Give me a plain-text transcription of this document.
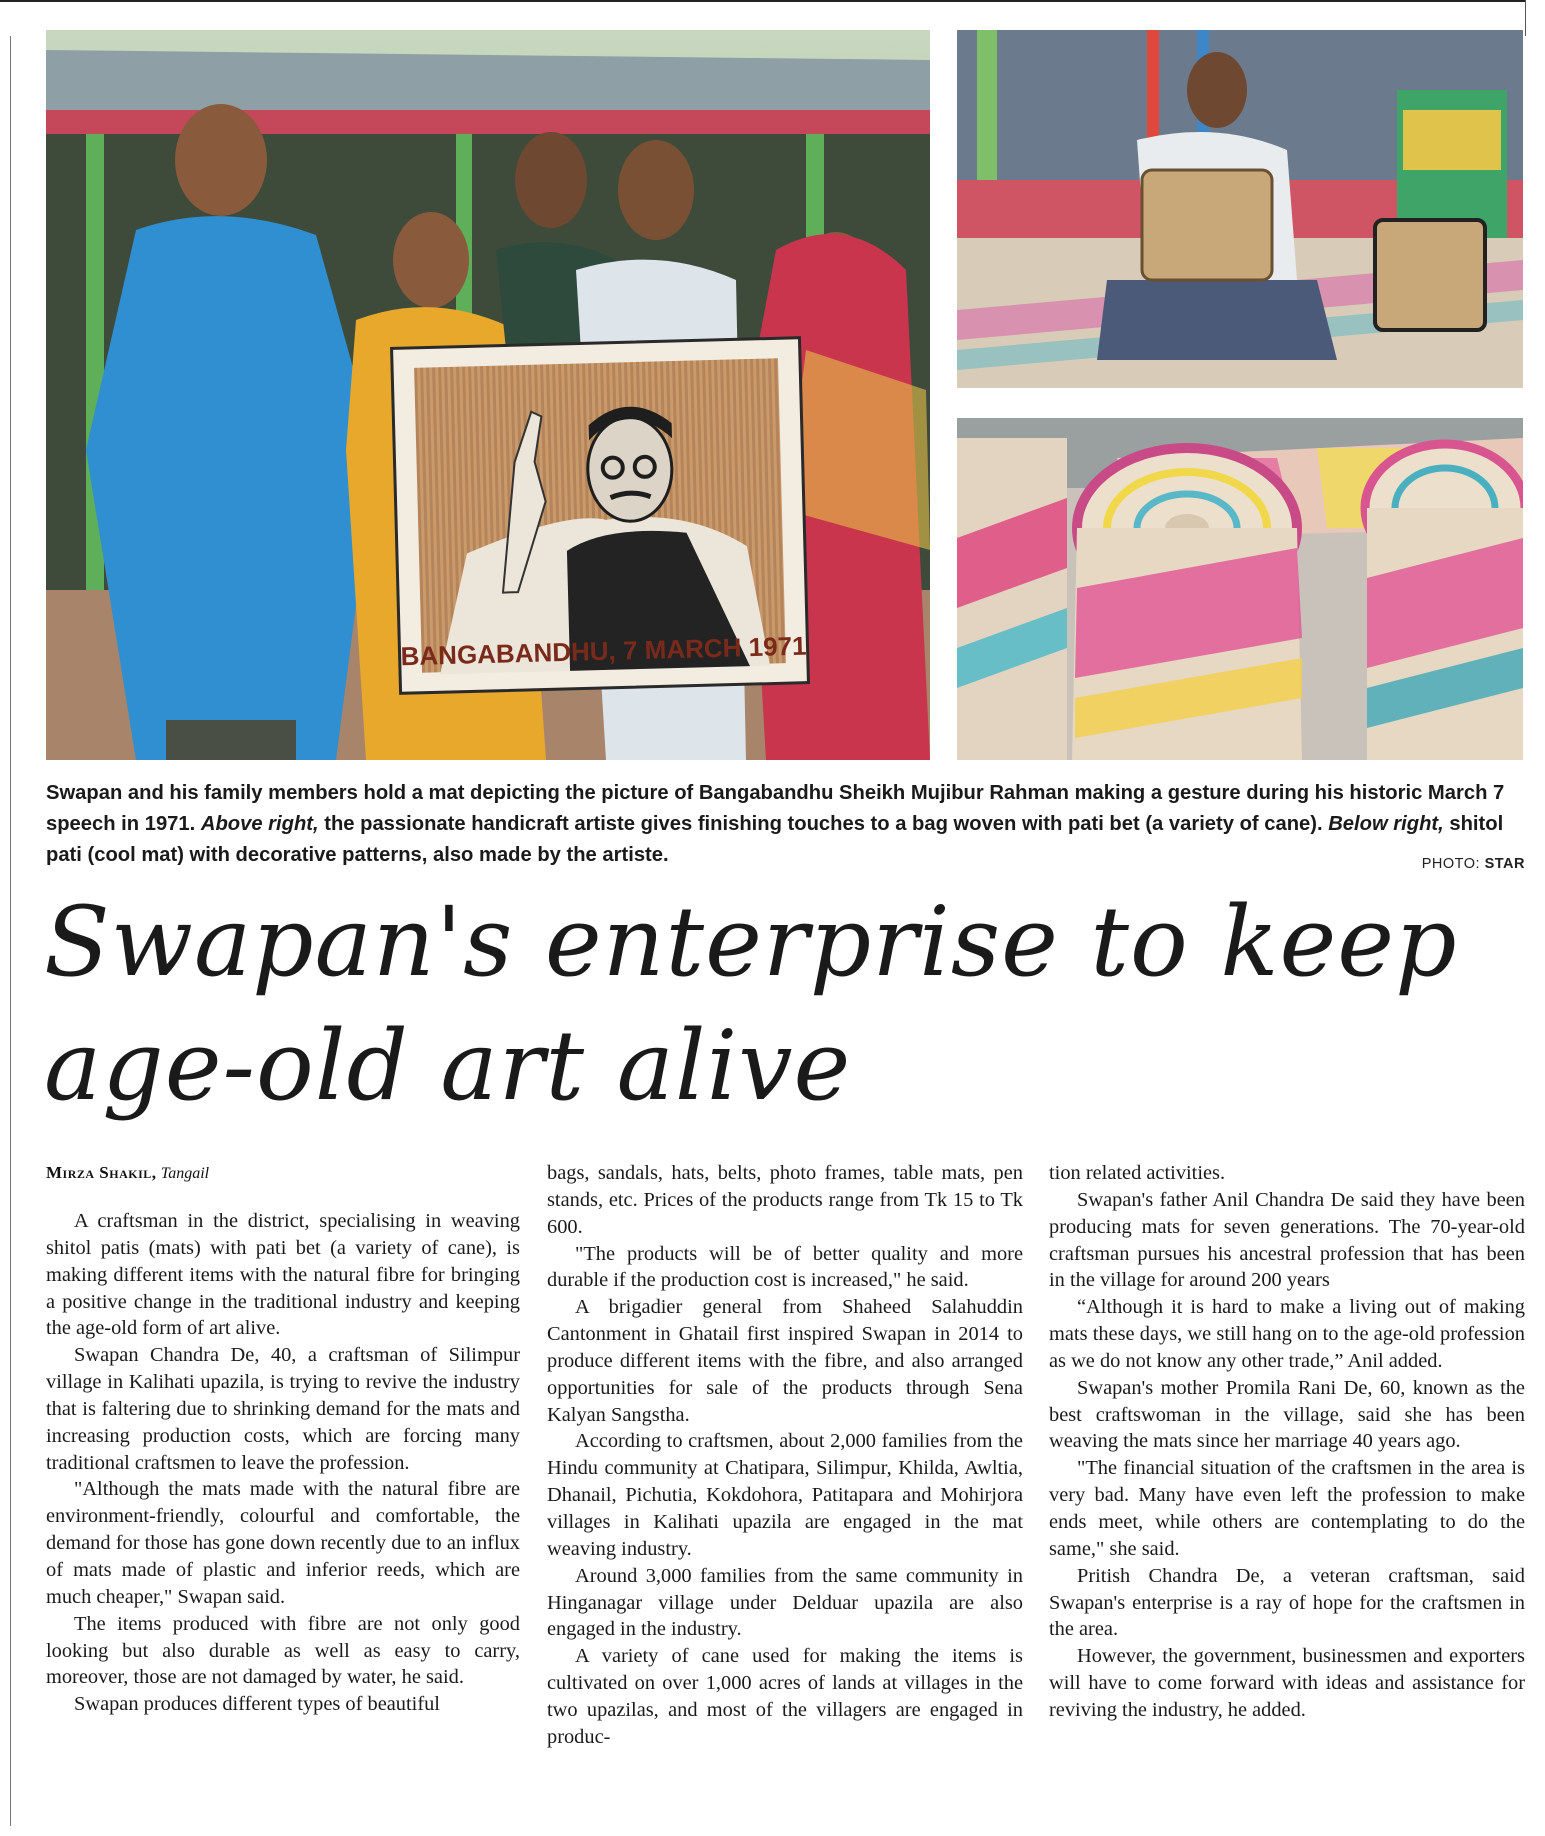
BANGABANDHU, 7 MARCH 1971
Swapan and his family members hold a mat depicting the picture of Bangabandhu Sheikh Mujibur Rahman making a gesture during his historic March 7 speech in 1971. Above right, the passionate handicraft artiste gives finishing touches to a bag woven with pati bet (a variety of cane). Below right, shitol pati (cool mat) with decorative patterns, also made by the artiste.	PHOTO: STAR
Swapan's enterprise to keep
age-old art alive
Mirza Shakil, Tangail

A craftsman in the district, specialising in weaving shitol patis (mats) with pati bet (a variety of cane), is making different items with the natural fibre for bringing a positive change in the traditional industry and keeping the age-old form of art alive.

Swapan Chandra De, 40, a craftsman of Silimpur village in Kalihati upazila, is trying to revive the industry that is faltering due to shrinking demand for the mats and increasing production costs, which are forcing many traditional craftsmen to leave the profession.

"Although the mats made with the natural fibre are environment-friendly, colourful and comfortable, the demand for those has gone down recently due to an influx of mats made of plastic and inferior reeds, which are much cheaper," Swapan said.

The items produced with fibre are not only good looking but also durable as well as easy to carry, moreover, those are not damaged by water, he said.

Swapan produces different types of beautiful

bags, sandals, hats, belts, photo frames, table mats, pen stands, etc. Prices of the products range from Tk 15 to Tk 600.

"The products will be of better quality and more durable if the production cost is increased," he said.

A brigadier general from Shaheed Salahuddin Cantonment in Ghatail first inspired Swapan in 2014 to produce different items with the fibre, and also arranged opportunities for sale of the products through Sena Kalyan Sangstha.

According to craftsmen, about 2,000 families from the Hindu community at Chatipara, Silimpur, Khilda, Awltia, Dhanail, Pichutia, Kokdohora, Patitapara and Mohirjora villages in Kalihati upazila are engaged in the mat weaving industry.

Around 3,000 families from the same community in Hinganagar village under Delduar upazila are also engaged in the industry.

A variety of cane used for making the items is cultivated on over 1,000 acres of lands at villages in the two upazilas, and most of the villagers are engaged in produc-

tion related activities.

Swapan's father Anil Chandra De said they have been producing mats for seven generations. The 70-year-old craftsman pursues his ancestral profession that has been in the village for around 200 years

“Although it is hard to make a living out of making mats these days, we still hang on to the age-old profession as we do not know any other trade,” Anil added.

Swapan's mother Promila Rani De, 60, known as the best craftswoman in the village, said she has been weaving the mats since her marriage 40 years ago.

"The financial situation of the craftsmen in the area is very bad. Many have even left the profession to make ends meet, while others are contemplating to do the same," she said.

Pritish Chandra De, a veteran craftsman, said Swapan's enterprise is a ray of hope for the craftsmen in the area.

However, the government, businessmen and exporters will have to come forward with ideas and assistance for reviving the industry, he added.
